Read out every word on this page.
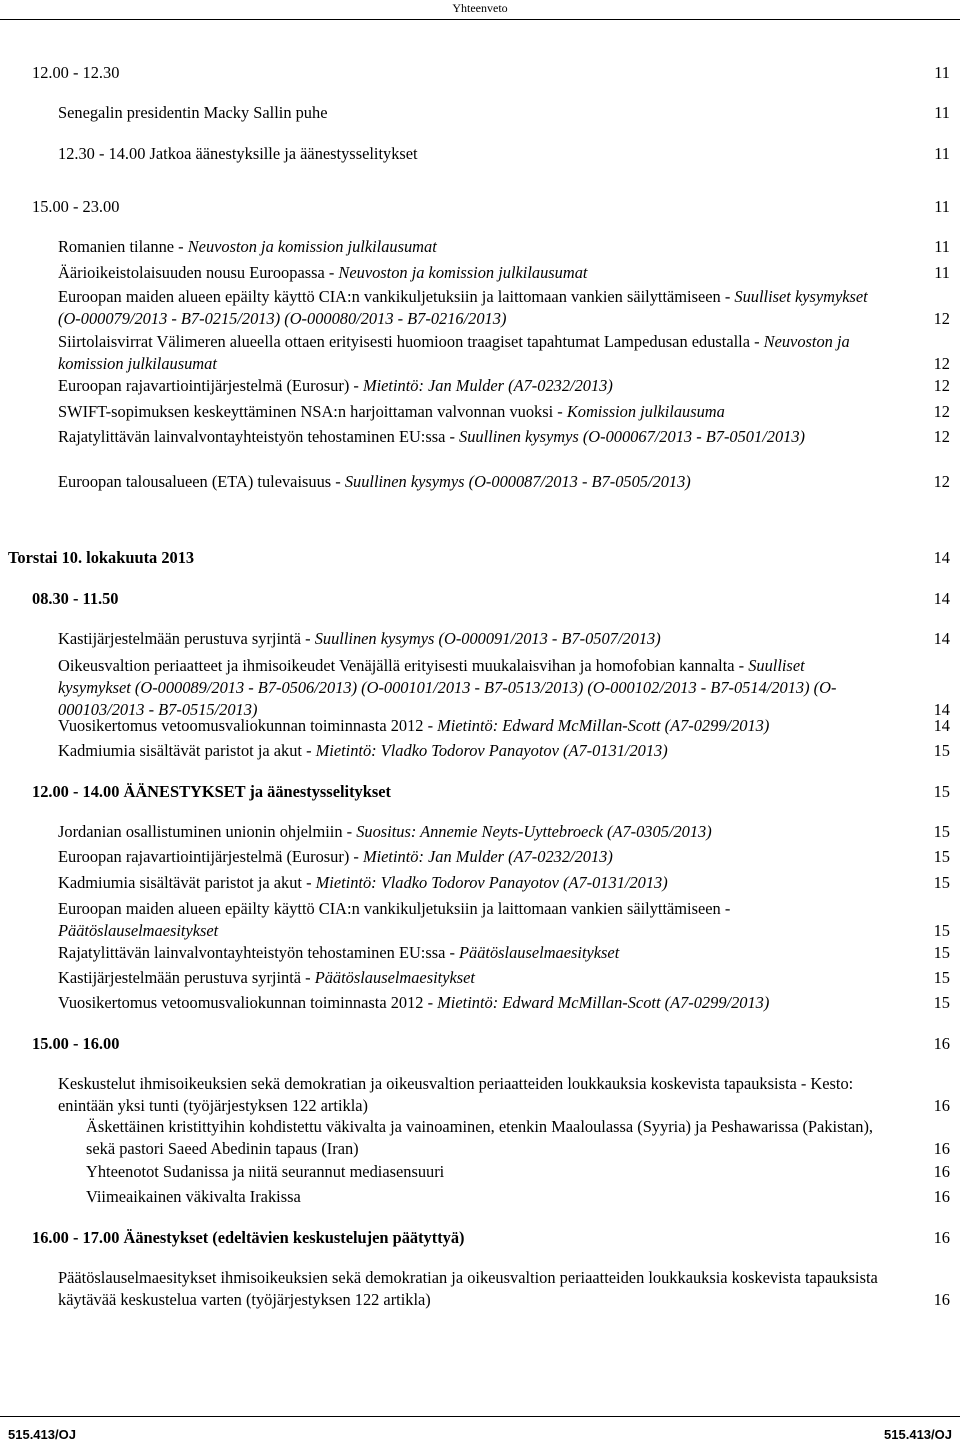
Yhteenveto
12.00 - 12.30	11
Senegalin presidentin Macky Sallin puhe	11
12.30 - 14.00 Jatkoa äänestyksille ja äänestysselitykset	11
15.00 - 23.00	11
Romanien tilanne - Neuvoston ja komission julkilausumat	11
Äärioikeistolaisuuden nousu Euroopassa - Neuvoston ja komission julkilausumat	11
Euroopan maiden alueen epäilty käyttö CIA:n vankikuljetuksiin ja laittomaan vankien säilyttämiseen - Suulliset kysymykset (O-000079/2013 - B7-0215/2013) (O-000080/2013 - B7-0216/2013)	12
Siirtolaisvirrat Välimeren alueella ottaen erityisesti huomioon traagiset tapahtumat Lampedusan edustalla - Neuvoston ja komission julkilausumat	12
Euroopan rajavartiointijärjestelmä (Eurosur) - Mietintö: Jan Mulder (A7-0232/2013)	12
SWIFT-sopimuksen keskeyttäminen NSA:n harjoittaman valvonnan vuoksi - Komission julkilausuma	12
Rajatylittävän lainvalvontayhteistyön tehostaminen EU:ssa - Suullinen kysymys (O-000067/2013 - B7-0501/2013)	12
Euroopan talousalueen (ETA) tulevaisuus - Suullinen kysymys (O-000087/2013 - B7-0505/2013)	12
Torstai 10. lokakuuta 2013	14
08.30 - 11.50	14
Kastijärjestelmään perustuva syrjintä - Suullinen kysymys (O-000091/2013 - B7-0507/2013)	14
Oikeusvaltion periaatteet ja ihmisoikeudet Venäjällä erityisesti muukalaisvihan ja homofobian kannalta - Suulliset kysymykset (O-000089/2013 - B7-0506/2013) (O-000101/2013 - B7-0513/2013) (O-000102/2013 - B7-0514/2013) (O-000103/2013 - B7-0515/2013)	14
Vuosikertomus vetoomusvaliokunnan toiminnasta 2012 - Mietintö: Edward McMillan-Scott (A7-0299/2013)	14
Kadmiumia sisältävät paristot ja akut - Mietintö: Vladko Todorov Panayotov (A7-0131/2013)	15
12.00 - 14.00 ÄÄNESTYKSET ja äänestysselitykset	15
Jordanian osallistuminen unionin ohjelmiin - Suositus: Annemie Neyts-Uyttebroeck (A7-0305/2013)	15
Euroopan rajavartiointijärjestelmä (Eurosur) - Mietintö: Jan Mulder (A7-0232/2013)	15
Kadmiumia sisältävät paristot ja akut - Mietintö: Vladko Todorov Panayotov (A7-0131/2013)	15
Euroopan maiden alueen epäilty käyttö CIA:n vankikuljetuksiin ja laittomaan vankien säilyttämiseen - Päätöslauselmaesitykset	15
Rajatylittävän lainvalvontayhteistyön tehostaminen EU:ssa - Päätöslauselmaesitykset	15
Kastijärjestelmään perustuva syrjintä - Päätöslauselmaesitykset	15
Vuosikertomus vetoomusvaliokunnan toiminnasta 2012 - Mietintö: Edward McMillan-Scott (A7-0299/2013)	15
15.00 - 16.00	16
Keskustelut ihmisoikeuksien sekä demokratian ja oikeusvaltion periaatteiden loukkauksia koskevista tapauksista - Kesto: enintään yksi tunti (työjärjestyksen 122 artikla)	16
Äskettäinen kristittyihin kohdistettu väkivalta ja vainoaminen, etenkin Maaloulassa (Syyria) ja Peshawarissa (Pakistan), sekä pastori Saeed Abedinin tapaus (Iran)	16
Yhteenotot Sudanissa ja niitä seurannut mediasensuuri	16
Viimeaikainen väkivalta Irakissa	16
16.00 - 17.00 Äänestykset (edeltävien keskustelujen päätyttyä)	16
Päätöslauselmaesitykset ihmisoikeuksien sekä demokratian ja oikeusvaltion periaatteiden loukkauksia koskevista tapauksista käytävää keskustelua varten (työjärjestyksen 122 artikla)	16
515.413/OJ	515.413/OJ
